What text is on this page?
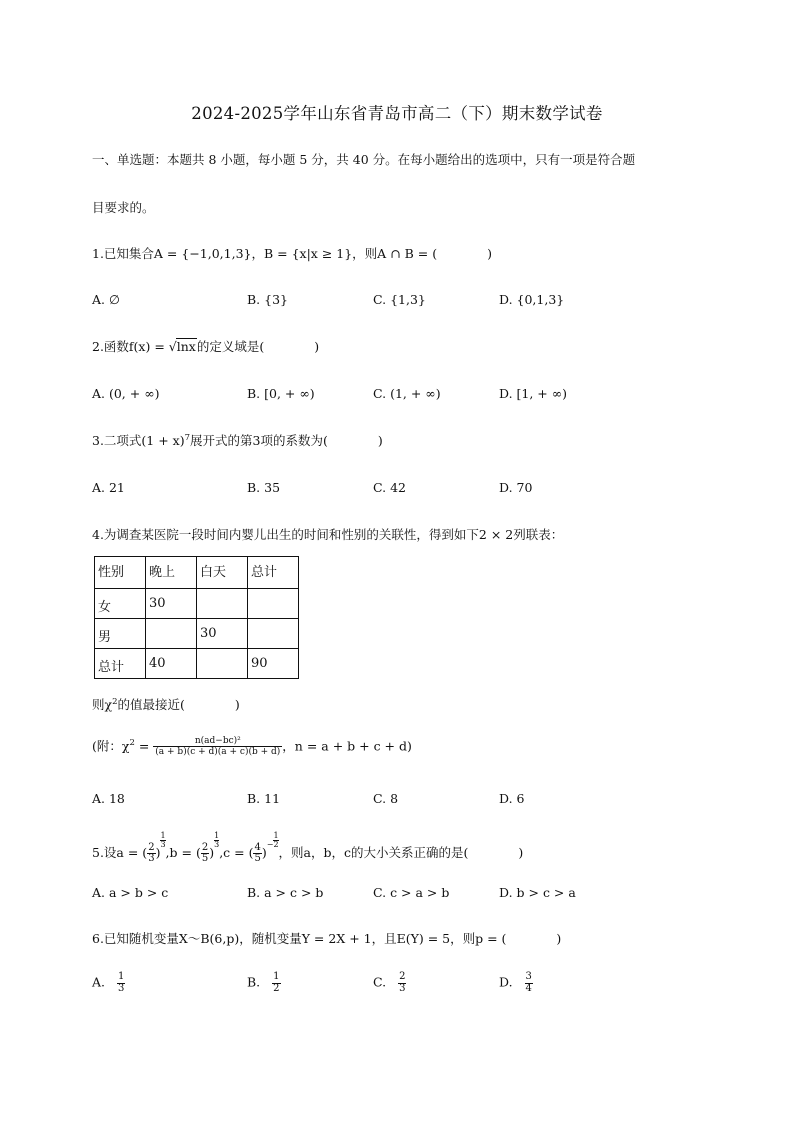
2024-2025学年山东省青岛市高二（下）期末数学试卷
一、单选题：本题共 8 小题，每小题 5 分，共 40 分。在每小题给出的选项中，只有一项是符合题
目要求的。
1.已知集合A = {−1,0,1,3}，B = {x|x ≥ 1}，则A ∩ B = (　　　　)
A. ∅	B. {3}	C. {1,3}	D. {0,1,3}
2.函数f(x) = √lnx的定义域是(　　　　)
A. (0, + ∞)	B. [0, + ∞)	C. (1, + ∞)	D. [1, + ∞)
3.二项式$(1 + x)^7$展开式的第3项的系数为(　　　　)
A. 21	B. 35	C. 42	D. 70
4.为调查某医院一段时间内婴儿出生的时间和性别的关联性，得到如下2 × 2列联表：
性别	晚上	白天	总计
女	30		
男		30	
总计	40		90
则$\chi^2$的值最接近(　　　　)
(附：$\chi^2 = \frac{\text{n(ad−bc)²}}{(a + b)(c + d)(a + c)(b + d)}$ ，n = a + b + c + d)
A. 18	B. 11	C. 8	D. 6
5.设a = ( $\frac{2}{3}$ )
$\frac{1}{3},b$ = ( $\frac{2}{5}$ )
$\frac{1}{3},c$ = ( $\frac{4}{5} )^- \frac{1}{2}$，则a，b，c的大小关系正确的是(　　　　)
A. a > b > c	B. a > c > b	C. c > a > b	D. b > c > a
6.已知随机变量X～B(6,p)，随机变量Y = 2X + 1，且E(Y) = 5，则p = (　　　　)
A. $\frac{1}{3}$	B. $\frac{1}{2}$	C. $\frac{2}{3}$	D. $\frac{3}{4}$
